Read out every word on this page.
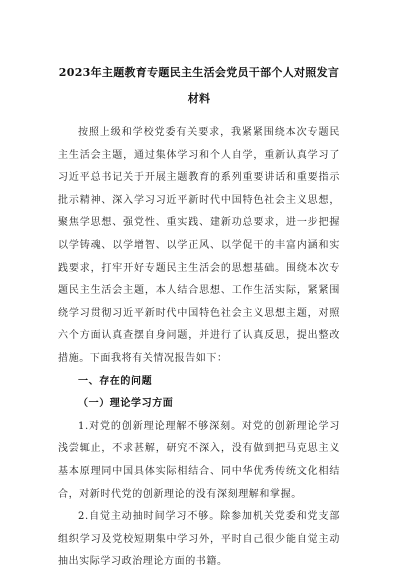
2023年主题教育专题民主生活会党员干部个人对照发言材料

按照上级和学校党委有关要求，我紧紧围绕本次专题民主生活会主题，通过集体学习和个人自学，重新认真学习了习近平总书记关于开展主题教育的系列重要讲话和重要指示批示精神、深入学习习近平新时代中国特色社会主义思想，聚焦学思想、强党性、重实践、建新功总要求，进一步把握以学铸魂、以学增智、以学正风、以学促干的丰富内涵和实践要求，打牢开好专题民主生活会的思想基础。围绕本次专题民主生活会主题，本人结合思想、工作生活实际，紧紧围绕学习贯彻习近平新时代中国特色社会主义思想主题，对照六个方面认真查摆自身问题，并进行了认真反思，提出整改措施。下面我将有关情况报告如下：

一、存在的问题

（一）理论学习方面

1.对党的创新理论理解不够深刻。对党的创新理论学习浅尝辄止，不求甚解，研究不深入，没有做到把马克思主义基本原理同中国具体实际相结合、同中华优秀传统文化相结合，对新时代党的创新理论的没有深刻理解和掌握。

2.自觉主动抽时间学习不够。除参加机关党委和党支部组织学习及党校短期集中学习外，平时自己很少能自觉主动抽出实际学习政治理论方面的书籍。
